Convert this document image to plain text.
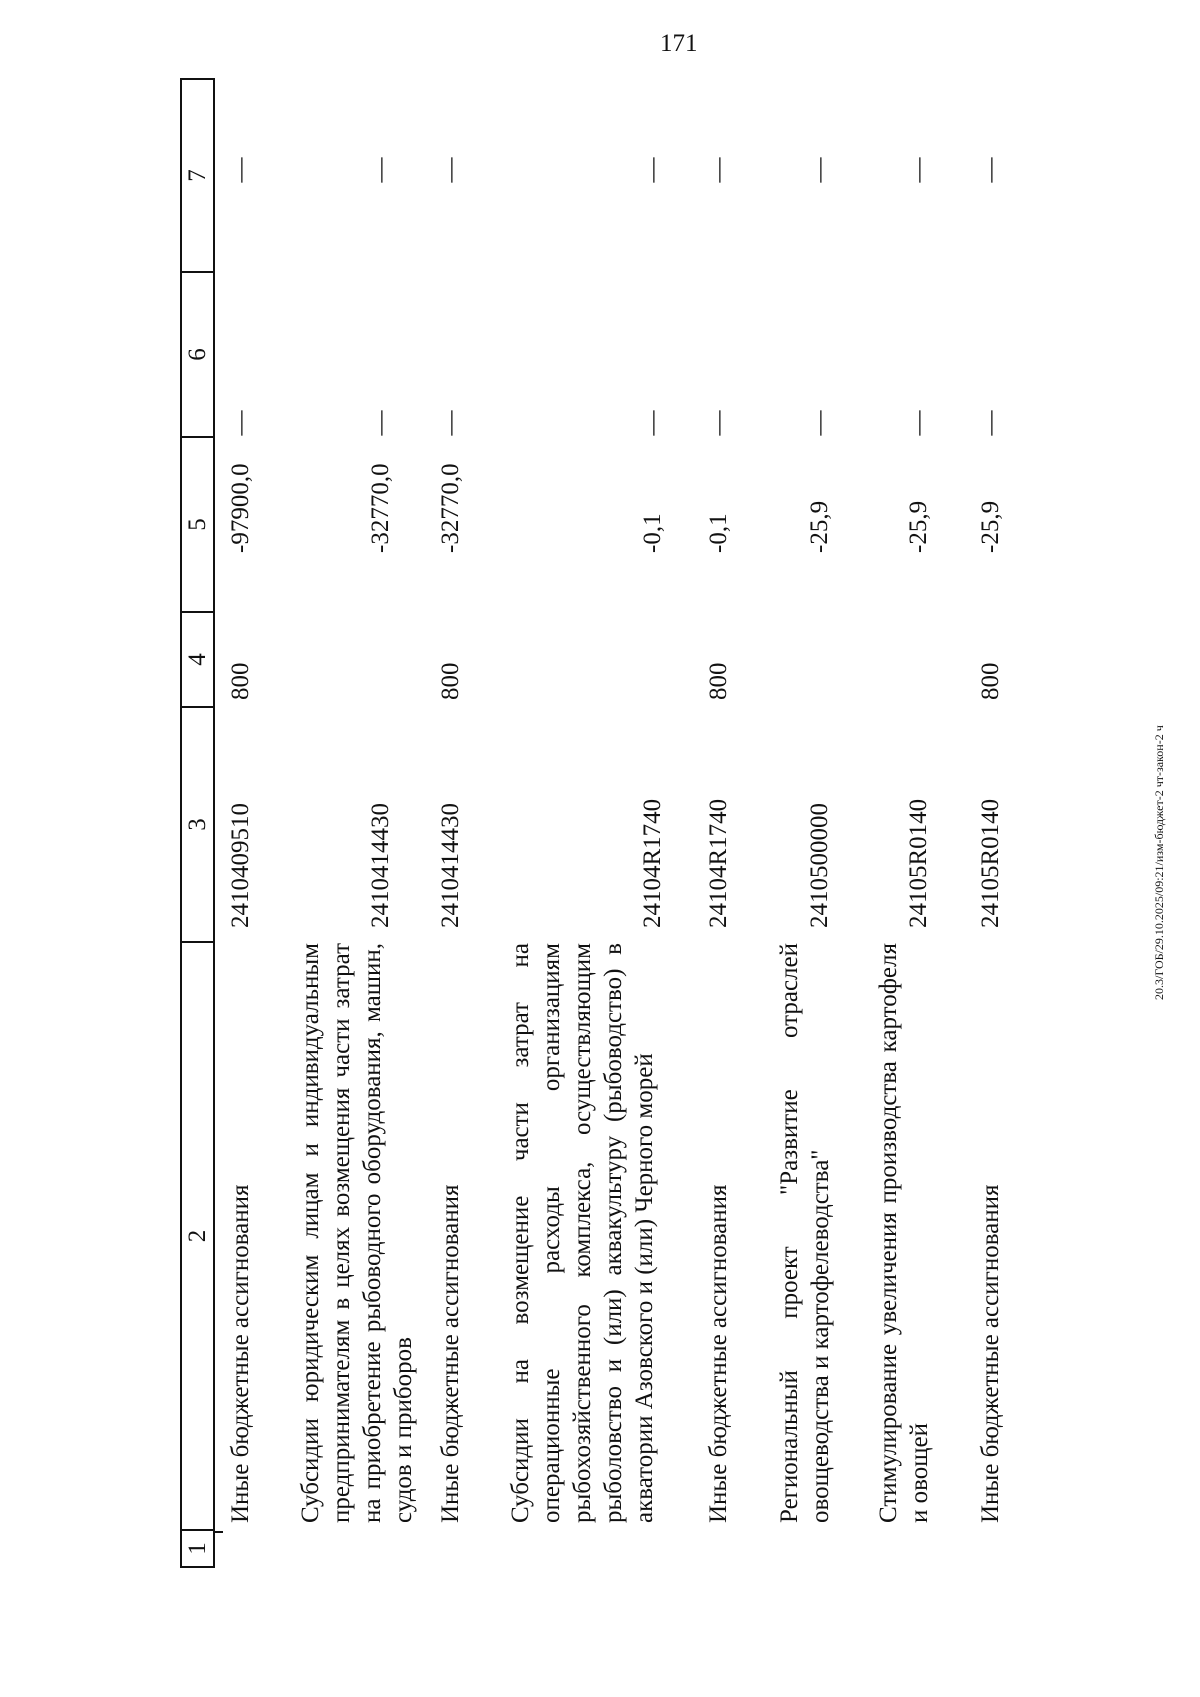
171
20.3/ГОБ/29.10.2025/09:21/изм-бюджет-2 чт-закон-2 ч
1
2
3
4
5
6
7
Иные бюджетные ассигнования
2410409510
800
-97900,0
—
—
Субсидии юридическим лицам и индивидуальным предпринимателям в целях возмещения части затрат на приобретение рыбоводного оборудования, машин, судов и приборов
2410414430
-32770,0
—
—
Иные бюджетные ассигнования
2410414430
800
-32770,0
—
—
Субсидии на возмещение части затрат на операционные расходы организациям рыбохозяйственного комплекса, осуществляющим рыболовство и (или) аквакультуру (рыбоводство) в акватории Азовского и (или) Черного морей
24104R1740
-0,1
—
—
Иные бюджетные ассигнования
24104R1740
800
-0,1
—
—
Региональный проект "Развитие отраслей овощеводства и картофелеводства"
2410500000
-25,9
—
—
Стимулирование увеличения производства картофеля и овощей
24105R0140
-25,9
—
—
Иные бюджетные ассигнования
24105R0140
800
-25,9
—
—
